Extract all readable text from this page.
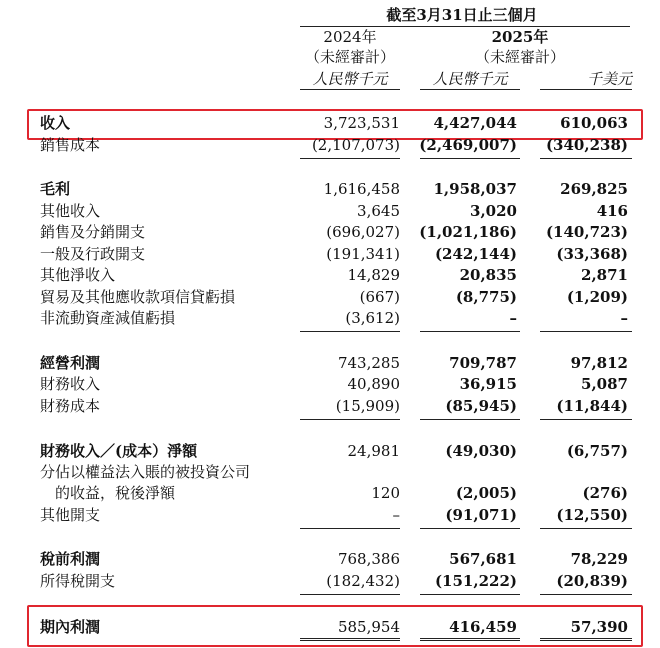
截至3月31日止三個月
2024年
（未經審計）
人民幣千元
2025年
（未經審計）
人民幣千元	千美元
收入	3,723,531 4,427,044	610,063
銷售成本	(2,107,073) (2,469,007) (340,238)
毛利	1,616,458 1,958,037	269,825
其他收入	3,645	3,020	416
銷售及分銷開支	(696,027) (1,021,186) (140,723)
一般及行政開支	(191,341) (242,144)	(33,368)
其他淨收入	14,829	20,835	2,871
貿易及其他應收款項信貸虧損	(667)	(8,775)	(1,209)
非流動資產減值虧損	(3,612)	–	–
經營利潤	743,285	709,787	97,812
財務收入	40,890	36,915	5,087
財務成本	(15,909)	(85,945)	(11,844)
財務收入／(成本）淨額	24,981	(49,030)	(6,757)
分佔以權益法入賬的被投資公司
的收益，稅後淨額	120	(2,005)	(276)
其他開支	–	(91,071)	(12,550)
稅前利潤	768,386	567,681	78,229
所得稅開支	(182,432) (151,222)	(20,839)
期內利潤	585,954	416,459	57,390
